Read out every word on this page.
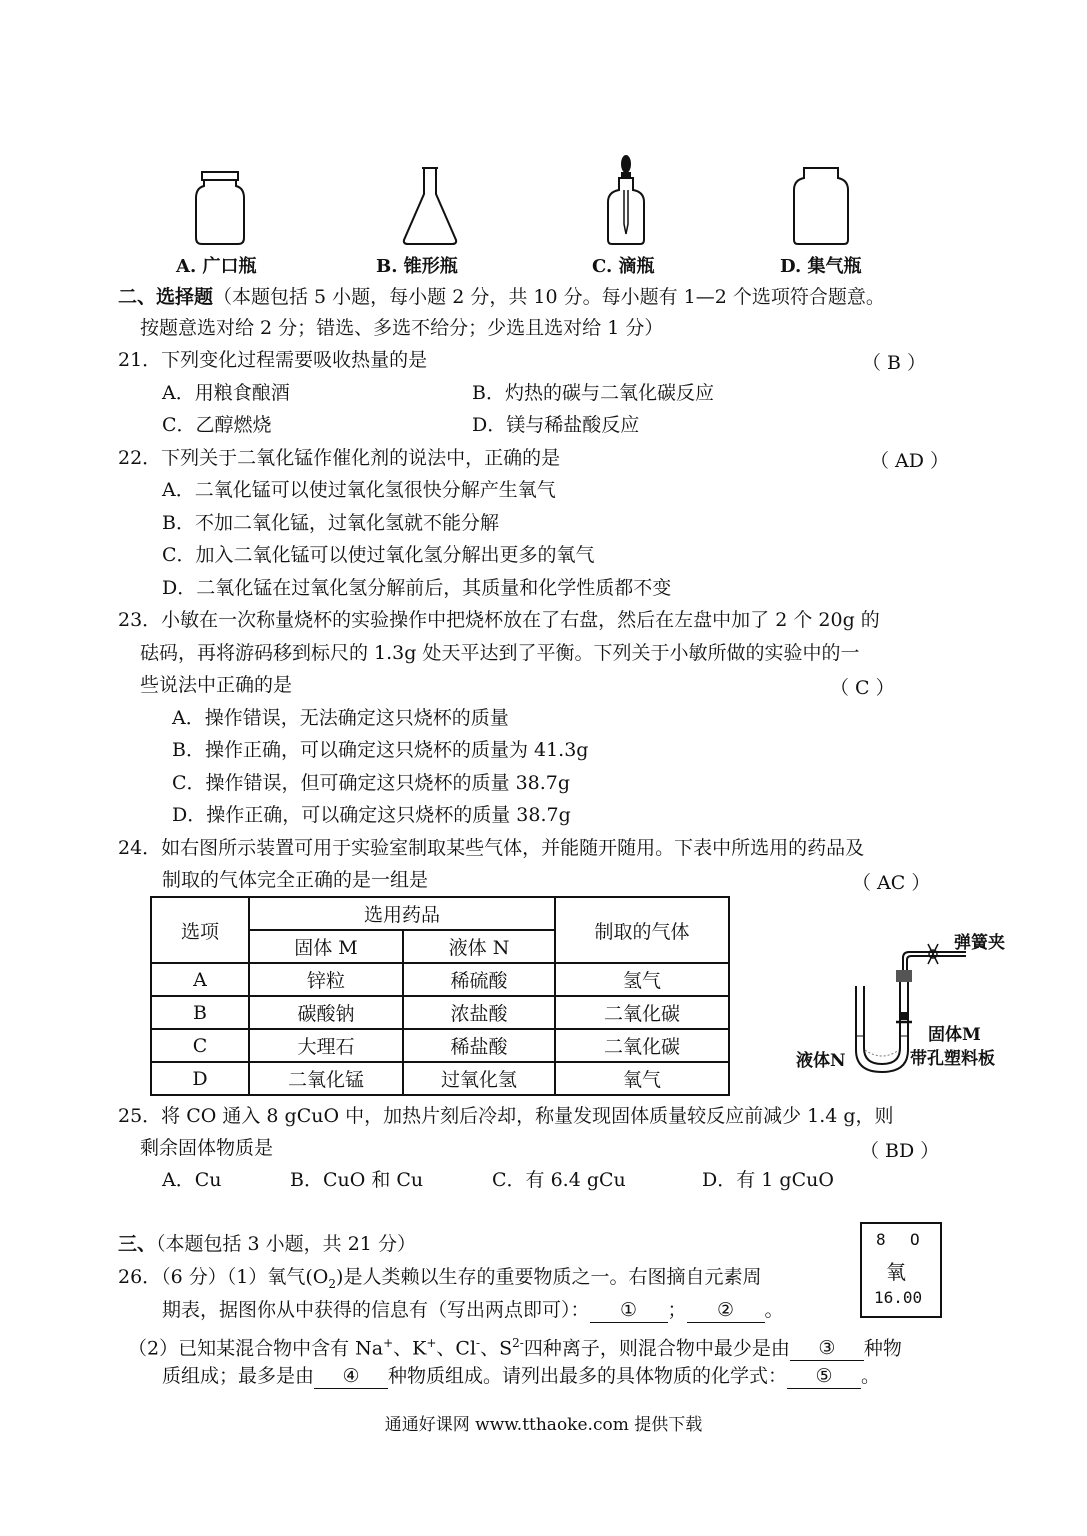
A. 广口瓶	B. 锥形瓶	C. 滴瓶	D. 集气瓶
二、选择题（本题包括 5 小题，每小题 2 分，共 10 分。每小题有 1—2 个选项符合题意。
按题意选对给 2 分；错选、多选不给分；少选且选对给 1 分）
21．下列变化过程需要吸收热量的是	（ B ）
A．用粮食酿酒	B．灼热的碳与二氧化碳反应
C．乙醇燃烧	D．镁与稀盐酸反应
22．下列关于二氧化锰作催化剂的说法中，正确的是	（ AD ）
A．二氧化锰可以使过氧化氢很快分解产生氧气
B．不加二氧化锰，过氧化氢就不能分解
C．加入二氧化锰可以使过氧化氢分解出更多的氧气
D．二氧化锰在过氧化氢分解前后，其质量和化学性质都不变
23．小敏在一次称量烧杯的实验操作中把烧杯放在了右盘，然后在左盘中加了 2 个 20g 的
砝码，再将游码移到标尺的 1.3g 处天平达到了平衡。下列关于小敏所做的实验中的一
些说法中正确的是	（ C ）
A．操作错误，无法确定这只烧杯的质量
B．操作正确，可以确定这只烧杯的质量为 41.3g
C．操作错误，但可确定这只烧杯的质量 38.7g
D．操作正确，可以确定这只烧杯的质量 38.7g
24．如右图所示装置可用于实验室制取某些气体，并能随开随用。下表中所选用的药品及
制取的气体完全正确的是一组是	（ AC ）
选项	选用药品		制取的气体
	固体 M	液体 N	
A	锌粒	稀硫酸	氢气
B	碳酸钠	浓盐酸	二氧化碳
C	大理石	稀盐酸	二氧化碳
D	二氧化锰	过氧化氢	氧气
弹簧夹
固体M
带孔塑料板
液体N
25．将 CO 通入 8 gCuO 中，加热片刻后冷却，称量发现固体质量较反应前减少 1.4 g，则
剩余固体物质是	（ BD ）
A．Cu	B．CuO 和 Cu	C．有 6.4 gCu	D．有 1 gCuO
三、（本题包括 3 小题，共 21 分）	8 O
氧
16.00
26．（6 分）（1）氧气$(O_2)$是人类赖以生存的重要物质之一。右图摘自元素周
期表，据图你从中获得的信息有（写出两点即可）： ① ； ② 。
（2）已知某混合物中含有 Na+、K+、Cl-、$S^{2-}$四种离子，则混合物中最少是由 ③ 种物
质组成；最多是由 ④ 种物质组成。请列出最多的具体物质的化学式： ⑤ 。
通通好课网 www.tthaoke.com 提供下载
